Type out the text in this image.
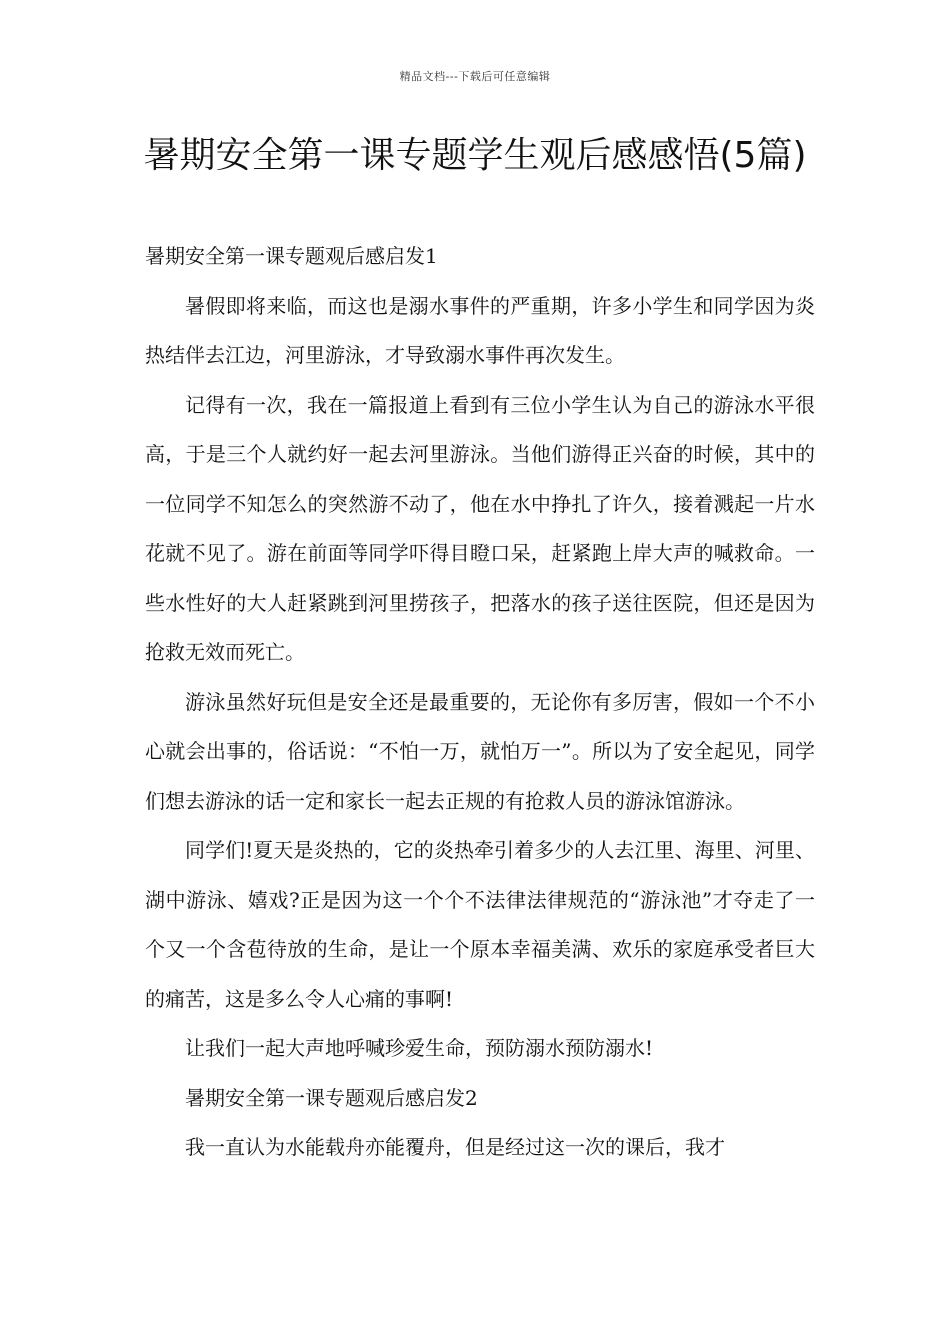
精品文档---下载后可任意编辑
暑期安全第一课专题学生观后感感悟(5篇)

暑期安全第一课专题观后感启发1

暑假即将来临，而这也是溺水事件的严重期，许多小学生和同学因为炎热结伴去江边，河里游泳，才导致溺水事件再次发生。

记得有一次，我在一篇报道上看到有三位小学生认为自己的游泳水平很高，于是三个人就约好一起去河里游泳。当他们游得正兴奋的时候，其中的一位同学不知怎么的突然游不动了，他在水中挣扎了许久，接着溅起一片水花就不见了。游在前面等同学吓得目瞪口呆，赶紧跑上岸大声的喊救命。一些水性好的大人赶紧跳到河里捞孩子，把落水的孩子送往医院，但还是因为抢救无效而死亡。

游泳虽然好玩但是安全还是最重要的，无论你有多厉害，假如一个不小心就会出事的，俗话说：“不怕一万，就怕万一”。所以为了安全起见，同学们想去游泳的话一定和家长一起去正规的有抢救人员的游泳馆游泳。

同学们!夏天是炎热的，它的炎热牵引着多少的人去江里、海里、河里、湖中游泳、嬉戏?正是因为这一个个不法律法律规范的“游泳池”才夺走了一个又一个含苞待放的生命，是让一个原本幸福美满、欢乐的家庭承受者巨大的痛苦，这是多么令人心痛的事啊!

让我们一起大声地呼喊珍爱生命，预防溺水预防溺水!

暑期安全第一课专题观后感启发2

我一直认为水能载舟亦能覆舟，但是经过这一次的课后，我才
